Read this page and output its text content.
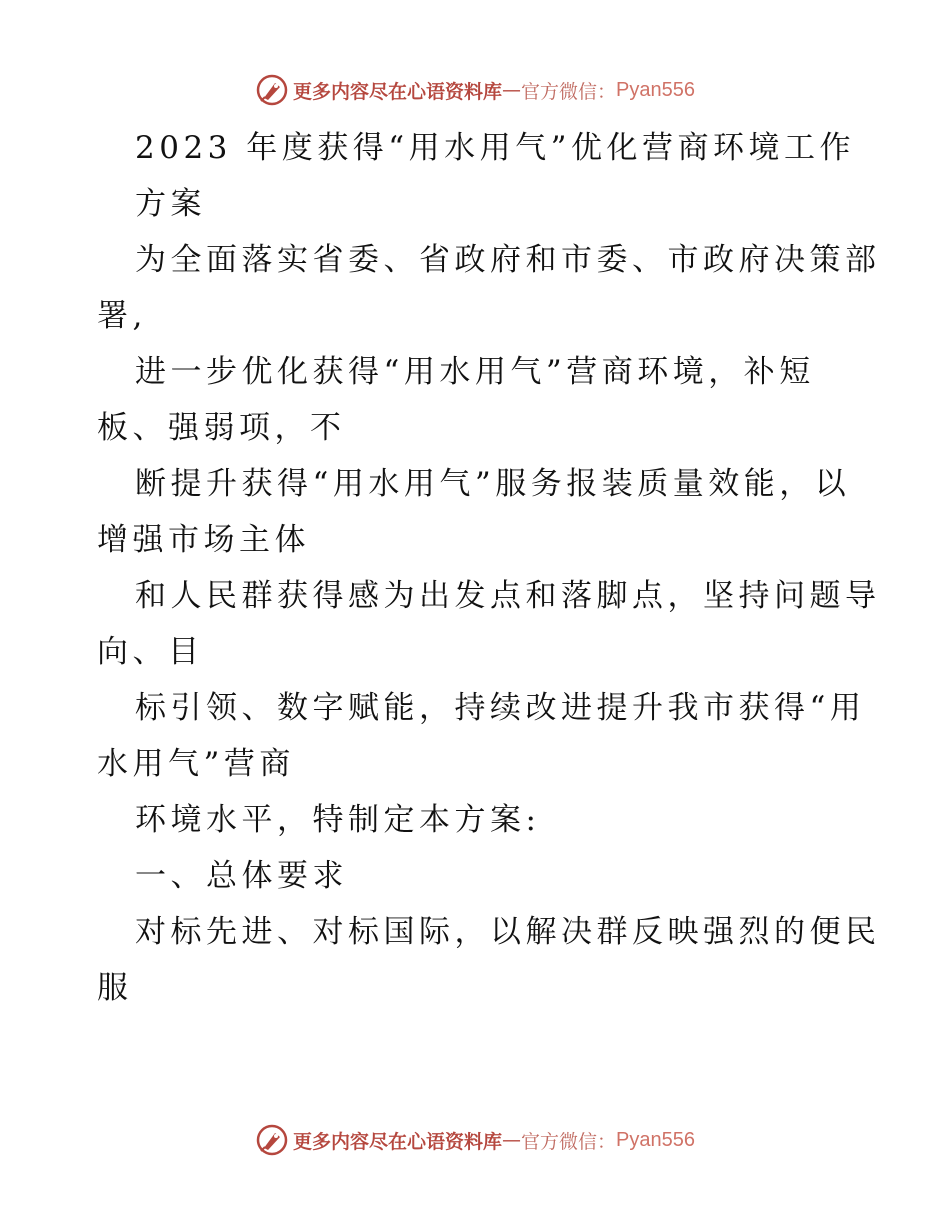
更多内容尽在心语资料库 — 官方微信： Pyan556
2023 年度获得“用水用气”优化营商环境工作
方案
为全面落实省委、省政府和市委、市政府决策部
署,
进一步优化获得“用水用气”营商环境，补短
板、强弱项，不
断提升获得“用水用气”服务报装质量效能，以
增强市场主体
和人民群获得感为出发点和落脚点，坚持问题导
向、目
标引领、数字赋能，持续改进提升我市获得“用
水用气”营商
环境水平，特制定本方案:
一、总体要求
对标先进、对标国际，以解决群反映强烈的便民
服
更多内容尽在心语资料库 — 官方微信： Pyan556
